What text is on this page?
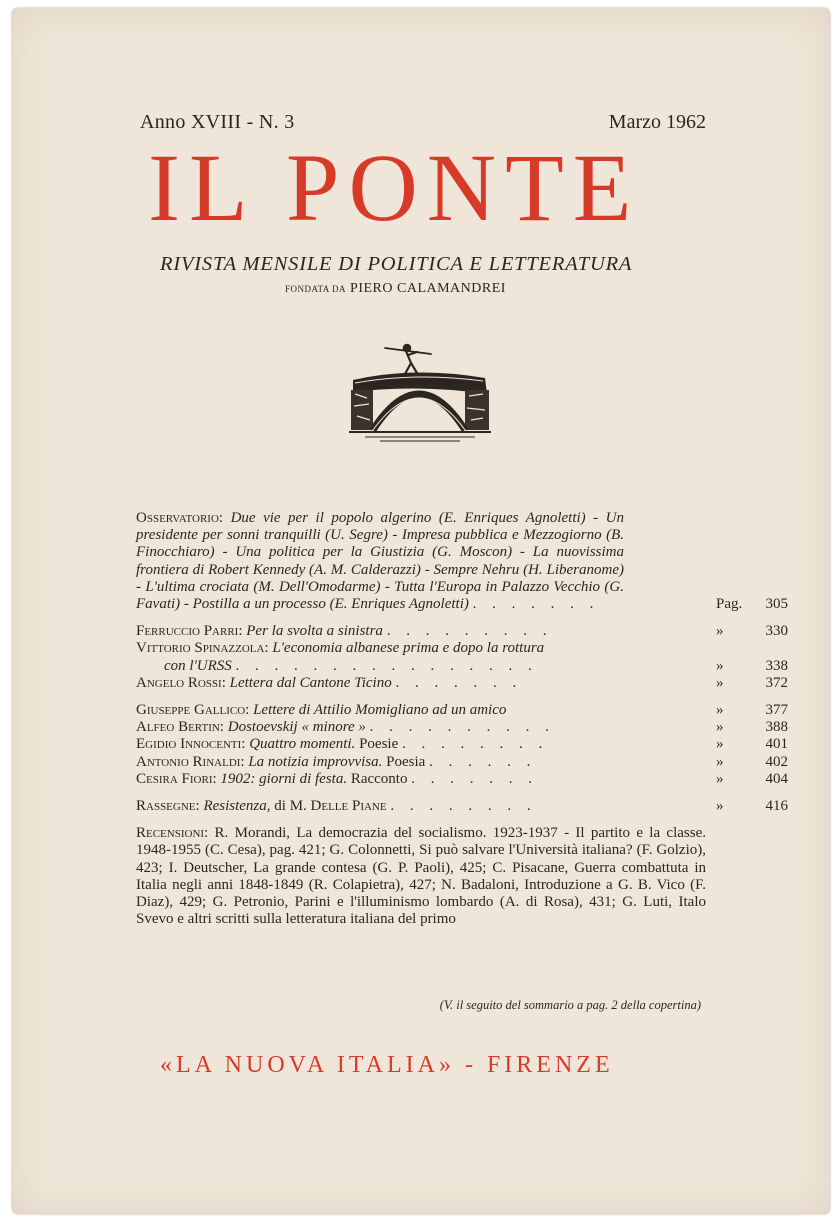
Anno XVIII - N. 3	Marzo 1962
IL PONTE
RIVISTA MENSILE DI POLITICA E LETTERATURA
FONDATA DA PIERO CALAMANDREI
Osservatorio: Due vie per il popolo algerino (E. Enriques Agnoletti) - Un presidente per sonni tranquilli (U. Segre) - Impresa pubblica e Mezzogiorno (B. Finocchiaro) - Una politica per la Giustizia (G. Moscon) - La nuovissima frontiera di Robert Kennedy (A. M. Calderazzi) - Sempre Nehru (H. Liberanome) - L'ultima crociata (M. Dell'Omodarme) - Tutta l'Europa in Palazzo Vecchio (G. Favati) - Postilla a un processo (E. Enriques Agnoletti) . . . . . . .	Pag. 305
Ferruccio Parri: Per la svolta a sinistra . . . . . . . . .	»	330
Vittorio Spinazzola: L'economia albanese prima e dopo la rottura
con l'URSS . . . . . . . . . . . . . . . .	»	338
Angelo Rossi: Lettera dal Cantone Ticino . . . . . . .	»	372
Giuseppe Gallico: Lettere di Attilio Momigliano ad un amico	»	377
Alfeo Bertin: Dostoevskij « minore » . . . . . . . . . .	»	388
Egidio Innocenti: Quattro momenti. Poesie . . . . . . . .	»	401
Antonio Rinaldi: La notizia improvvisa. Poesia . . . . . .	»	402
Cesira Fiori: 1902: giorni di festa. Racconto . . . . . . .	»	404
Rassegne: Resistenza, di M. Delle Piane . . . . . . . .	»	416
Recensioni: R. Morandi, La democrazia del socialismo. 1923-1937 - Il partito e la classe. 1948-1955 (C. Cesa), pag. 421; G. Colonnetti, Si può salvare l'Università italiana? (F. Golzio), 423; I. Deutscher, La grande contesa (G. P. Paoli), 425; C. Pisacane, Guerra combattuta in Italia negli anni 1848-1849 (R. Colapietra), 427; N. Badaloni, Introduzione a G. B. Vico (F. Diaz), 429; G. Petronio, Parini e l'illuminismo lombardo (A. di Rosa), 431; G. Luti, Italo Svevo e altri scritti sulla letteratura italiana del primo
(V. il seguito del sommario a pag. 2 della copertina)
«LA NUOVA ITALIA» - FIRENZE
